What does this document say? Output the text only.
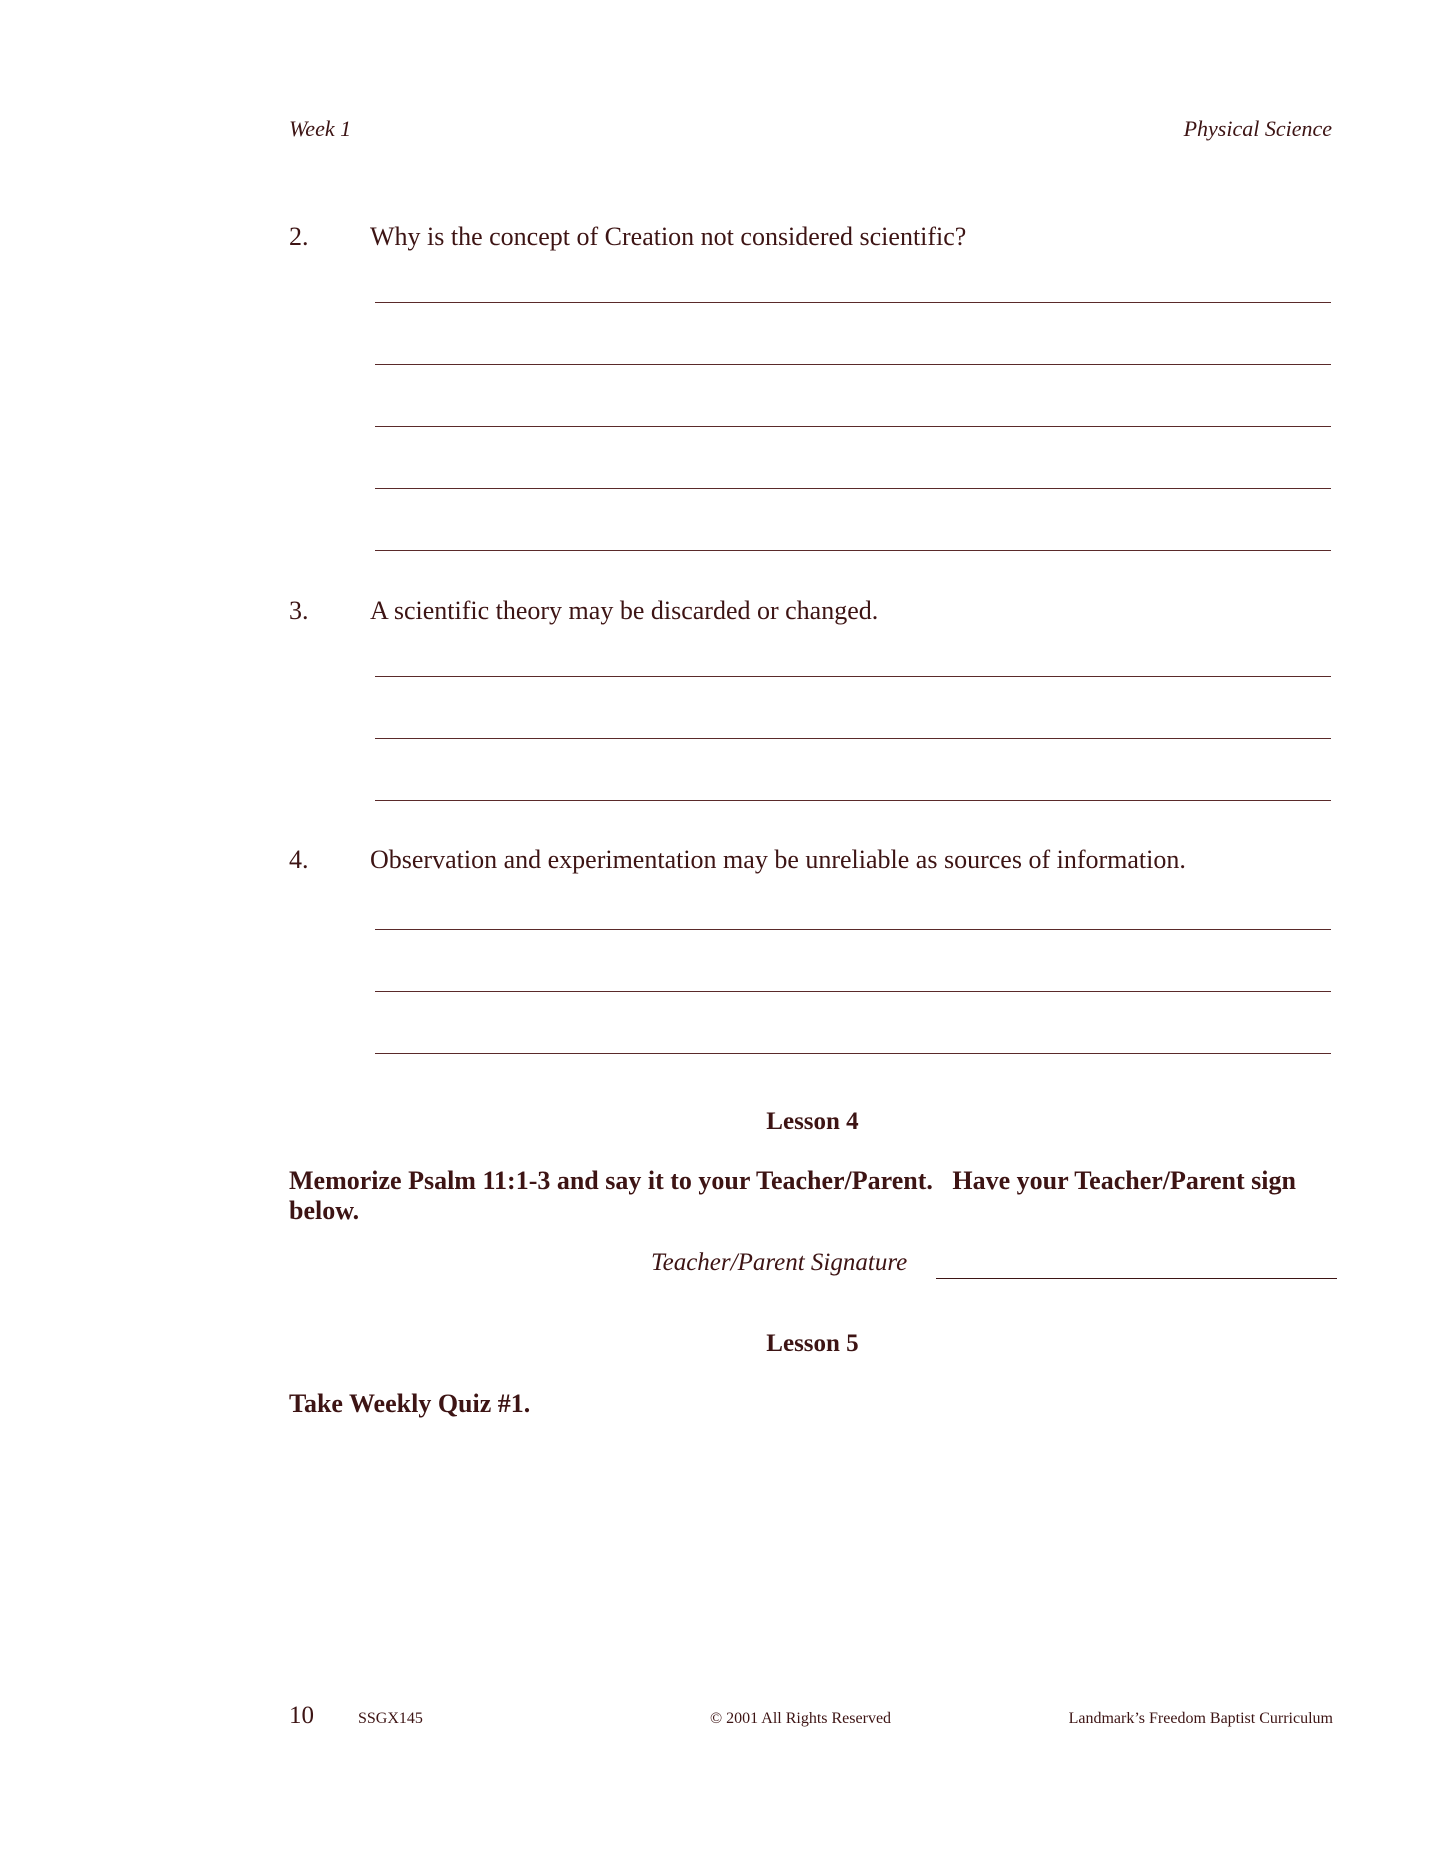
Week 1	Physical Science
2. Why is the concept of Creation not considered scientific?
3. A scientific theory may be discarded or changed.
4. Observation and experimentation may be unreliable as sources of information.
Lesson 4
Memorize Psalm 11:1-3 and say it to your Teacher/Parent.   Have your Teacher/Parent sign below.
Teacher/Parent Signature
Lesson 5
Take Weekly Quiz #1.
10	SSGX145	© 2001 All Rights Reserved	Landmark’s Freedom Baptist Curriculum
